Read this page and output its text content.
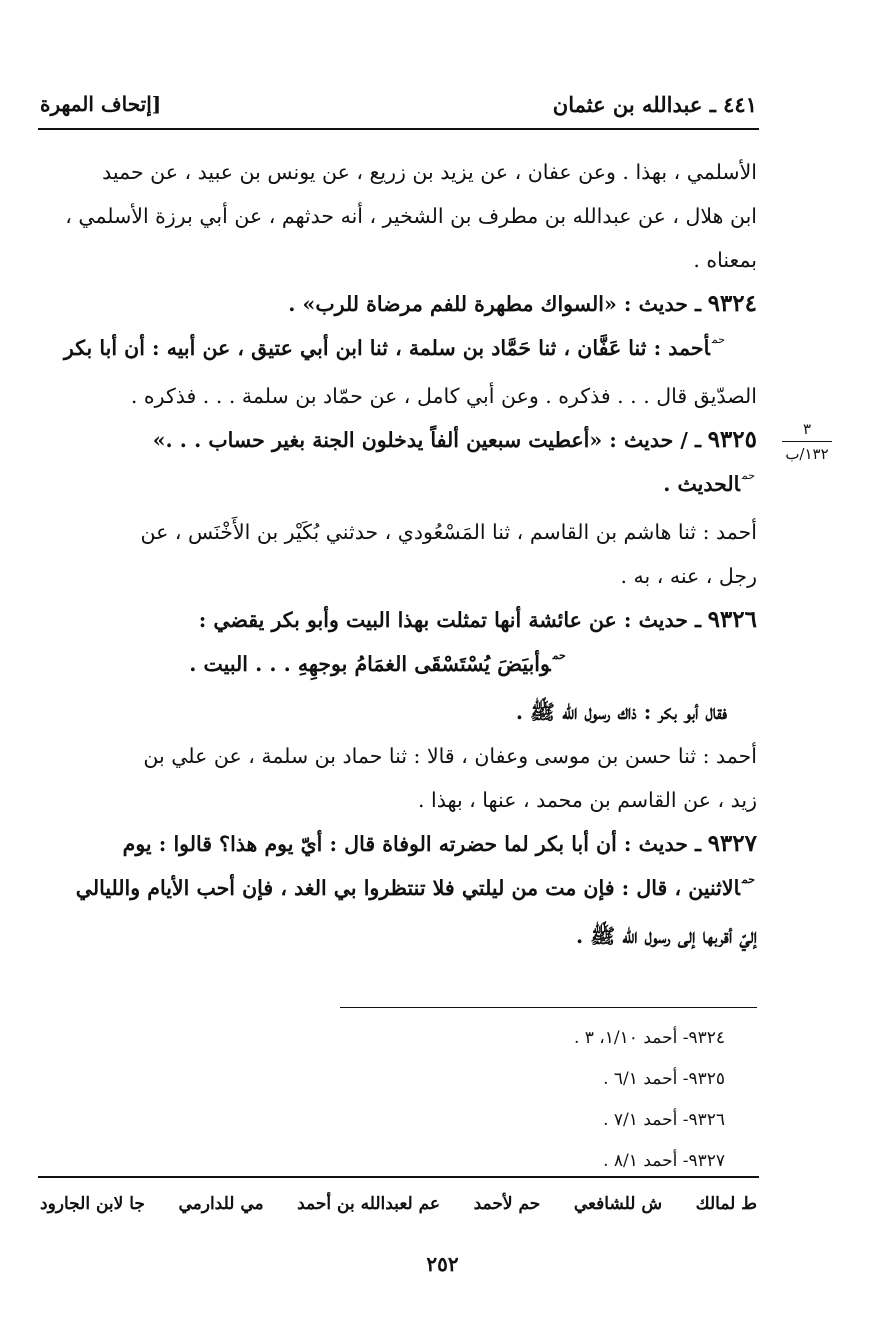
٤٤١ ـ عبدالله بن عثمان
[إتحاف المهرة
٣
١٣٢/ب

الأسلمي ، بهذا . وعن عفان ، عن يزيد بن زريع ، عن يونس بن عبيد ، عن حميد

ابن هلال ، عن عبدالله بن مطرف بن الشخير ، أنه حدثهم ، عن أبي برزة الأسلمي ،

بمعناه .

٩٣٢٤ ـ حديث : «السواك مطهرة للفم مرضاة للرب» .

$^{حم}$أحمد : ثنا عَفَّان ، ثنا حَمَّاد بن سلمة ، ثنا ابن أبي عتيق ، عن أبيه : أن أبا بكر

الصدّيق قال . . . فذكره . وعن أبي كامل ، عن حمّاد بن سلمة . . . فذكره .

٩٣٢٥ ـ / حديث : «أعطيت سبعين ألفاً يدخلون الجنة بغير حساب . . .»

$^{حم}$الحديث .

أحمد : ثنا هاشم بن القاسم ، ثنا المَسْعُودي ، حدثني بُكَيْر بن الأَخْنَس ، عن

رجل ، عنه ، به .

٩٣٢٦ ـ حديث : عن عائشة أنها تمثلت بهذا البيت وأبو بكر يقضي :

$^{حم}$وأبيَضَ يُسْتَسْقَى الغمَامُ بوجهِهِ . . . البيت .

فقال أبو بكر : ذاك رسول الله ﷺ .

أحمد : ثنا حسن بن موسى وعفان ، قالا : ثنا حماد بن سلمة ، عن علي بن

زيد ، عن القاسم بن محمد ، عنها ، بهذا .

٩٣٢٧ ـ حديث : أن أبا بكر لما حضرته الوفاة قال : أيّ يوم هذا؟ قالوا : يوم

$^{حم}$الاثنين ، قال : فإن مت من ليلتي فلا تنتظروا بي الغد ، فإن أحب الأيام والليالي

إليّ أقربها إلى رسول الله ﷺ .

٩٣٢٤- أحمد ١/١٠، ٣ .
٩٣٢٥- أحمد ٦/١ .
٩٣٢٦- أحمد ٧/١ .
٩٣٢٧- أحمد ٨/١ .
ط لمالك
ش للشافعي
حم لأحمد
عم لعبدالله بن أحمد
مي للدارمي
جا لابن الجارود
٢٥٢
